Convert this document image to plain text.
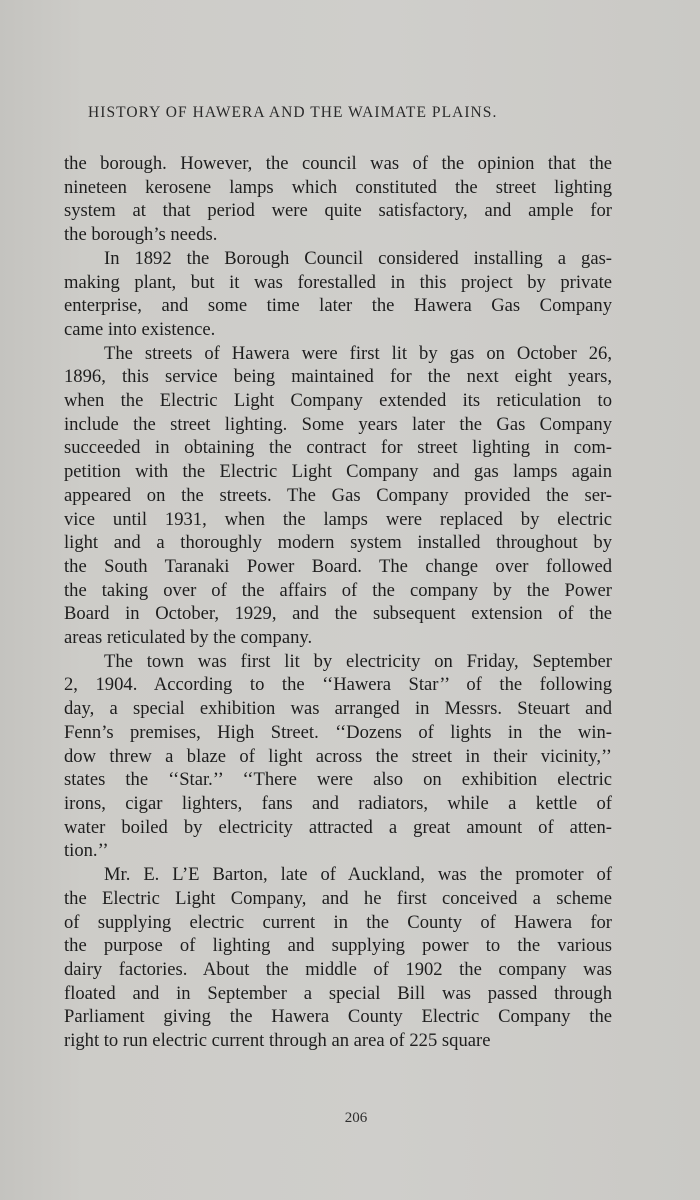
HISTORY OF HAWERA AND THE WAIMATE PLAINS.
the borough. However, the council was of the opinion that the
nineteen kerosene lamps which constituted the street lighting
system at that period were quite satisfactory, and ample for
the borough’s needs.
In 1892 the Borough Council considered installing a gas-
making plant, but it was forestalled in this project by private
enterprise, and some time later the Hawera Gas Company
came into existence.
The streets of Hawera were first lit by gas on October 26,
1896, this service being maintained for the next eight years,
when the Electric Light Company extended its reticulation to
include the street lighting. Some years later the Gas Company
succeeded in obtaining the contract for street lighting in com-
petition with the Electric Light Company and gas lamps again
appeared on the streets. The Gas Company provided the ser-
vice until 1931, when the lamps were replaced by electric
light and a thoroughly modern system installed throughout by
the South Taranaki Power Board. The change over followed
the taking over of the affairs of the company by the Power
Board in October, 1929, and the subsequent extension of the
areas reticulated by the company.
The town was first lit by electricity on Friday, September
2, 1904. According to the ‘‘Hawera Star’’ of the following
day, a special exhibition was arranged in Messrs. Steuart and
Fenn’s premises, High Street. ‘‘Dozens of lights in the win-
dow threw a blaze of light across the street in their vicinity,’’
states the ‘‘Star.’’ ‘‘There were also on exhibition electric
irons, cigar lighters, fans and radiators, while a kettle of
water boiled by electricity attracted a great amount of atten-
tion.’’
Mr. E. L’E Barton, late of Auckland, was the promoter of
the Electric Light Company, and he first conceived a scheme
of supplying electric current in the County of Hawera for
the purpose of lighting and supplying power to the various
dairy factories. About the middle of 1902 the company was
floated and in September a special Bill was passed through
Parliament giving the Hawera County Electric Company the
right to run electric current through an area of 225 square
206
